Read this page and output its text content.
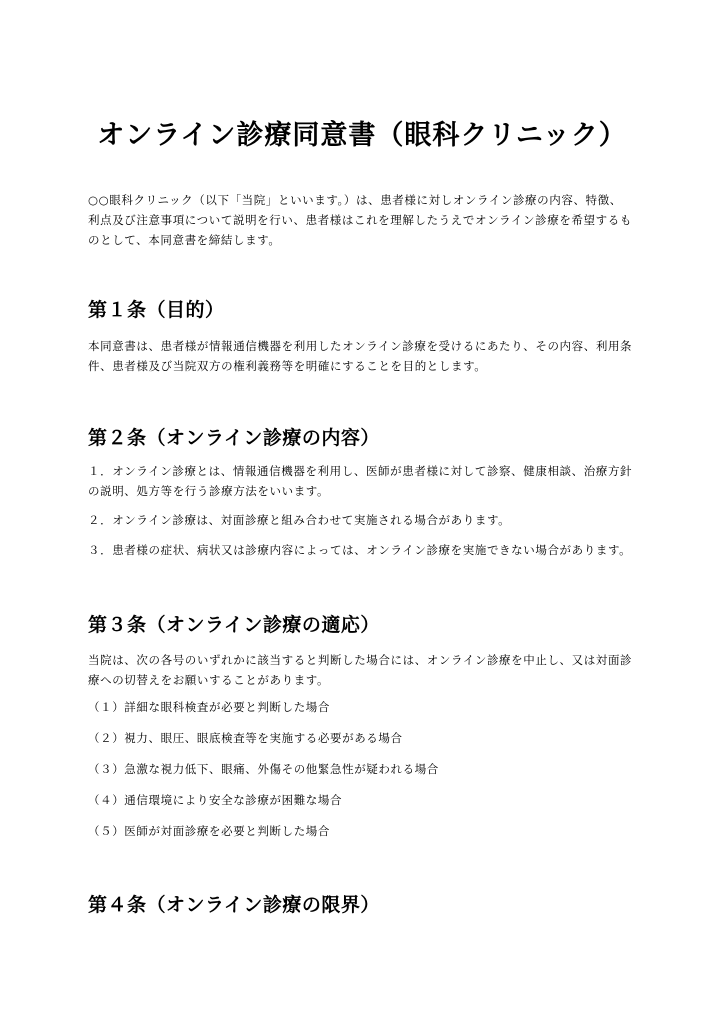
オンライン診療同意書（眼科クリニック）

○○眼科クリニック（以下「当院」といいます。）は、患者様に対しオンライン診療の内容、特徴、
利点及び注意事項について説明を行い、患者様はこれを理解したうえでオンライン診療を希望するも
のとして、本同意書を締結します。

第１条（目的）

本同意書は、患者様が情報通信機器を利用したオンライン診療を受けるにあたり、その内容、利用条
件、患者様及び当院双方の権利義務等を明確にすることを目的とします。

第２条（オンライン診療の内容）

１．オンライン診療とは、情報通信機器を利用し、医師が患者様に対して診察、健康相談、治療方針
の説明、処方等を行う診療方法をいいます。

２．オンライン診療は、対面診療と組み合わせて実施される場合があります。

３．患者様の症状、病状又は診療内容によっては、オンライン診療を実施できない場合があります。

第３条（オンライン診療の適応）

当院は、次の各号のいずれかに該当すると判断した場合には、オンライン診療を中止し、又は対面診
療への切替えをお願いすることがあります。

（１）詳細な眼科検査が必要と判断した場合

（２）視力、眼圧、眼底検査等を実施する必要がある場合

（３）急激な視力低下、眼痛、外傷その他緊急性が疑われる場合

（４）通信環境により安全な診療が困難な場合

（５）医師が対面診療を必要と判断した場合

第４条（オンライン診療の限界）
